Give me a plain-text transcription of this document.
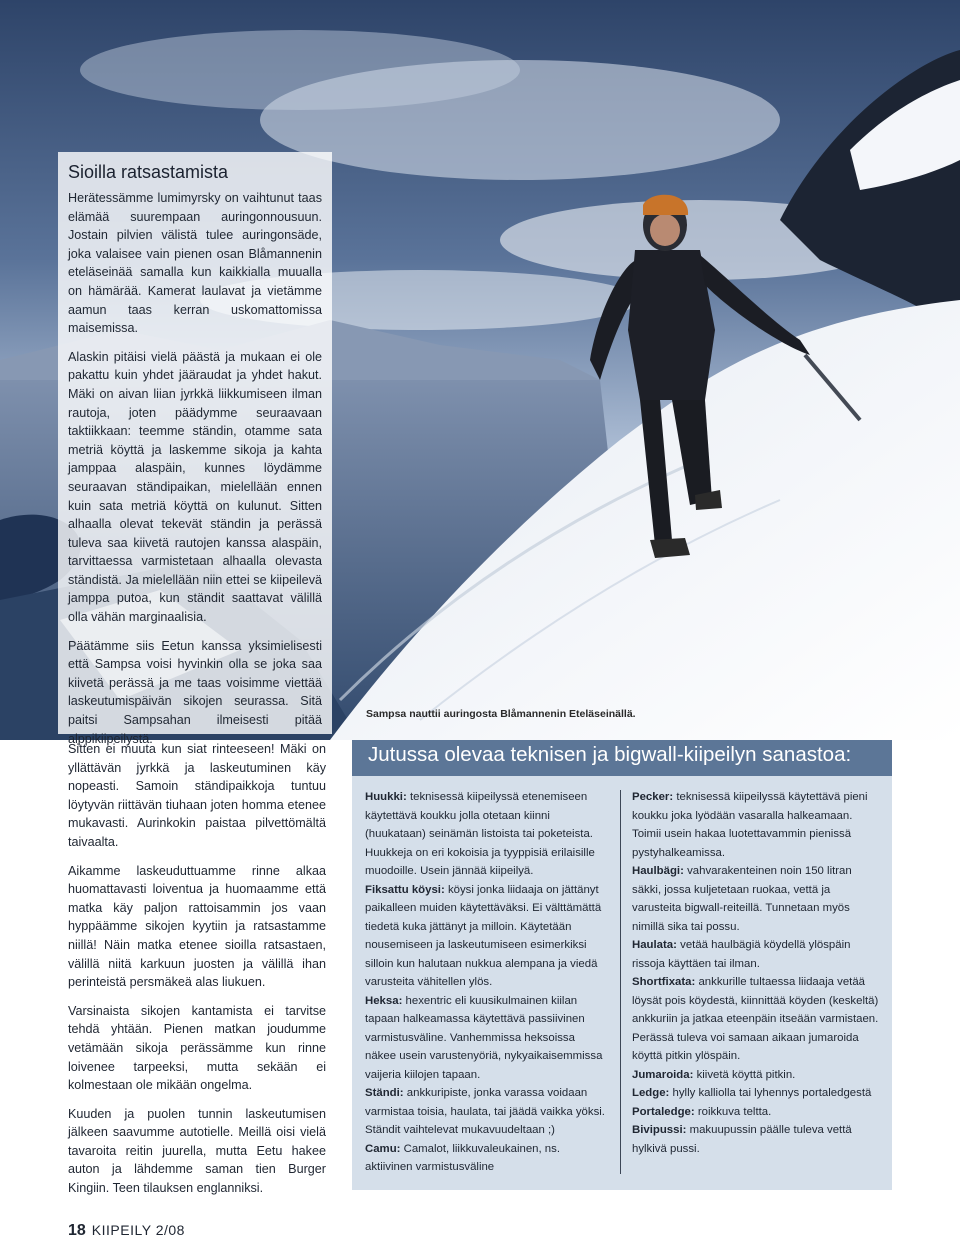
Sioilla ratsastamista

Herätessämme lumimyrsky on vaihtunut taas elämää suurempaan auringonnousuun. Jostain pilvien välistä tulee auringonsäde, joka valaisee vain pienen osan Blåmannenin eteläseinää samalla kun kaikkialla muualla on hämärää. Kamerat laulavat ja vietämme aamun taas kerran uskomattomissa maisemissa.

Alaskin pitäisi vielä päästä ja mukaan ei ole pakattu kuin yhdet jääraudat ja yhdet hakut. Mäki on aivan liian jyrkkä liikkumiseen ilman rautoja, joten päädymme seuraavaan taktiikkaan: teemme ständin, otamme sata metriä köyttä ja laskemme sikoja ja kahta jamppaa alaspäin, kunnes löydämme seuraavan ständipaikan, mielellään ennen kuin sata metriä köyttä on kulunut. Sitten alhaalla olevat tekevät ständin ja perässä tuleva saa kiivetä rautojen kanssa alaspäin, tarvittaessa varmistetaan alhaalla olevasta ständistä. Ja mielellään niin ettei se kiipeilevä jamppa putoa, kun ständit saattavat välillä olla vähän marginaalisia.

Päätämme siis Eetun kanssa yksimielisesti että Sampsa voisi hyvinkin olla se joka saa kiivetä perässä ja me taas voisimme viettää laskeutumispäivän sikojen seurassa. Sitä paitsi Sampsahan ilmeisesti pitää alppikiipeilystä.

Sitten ei muuta kun siat rinteeseen! Mäki on yllättävän jyrkkä ja laskeutuminen käy nopeasti. Samoin ständipaikkoja tuntuu löytyvän riittävän tiuhaan joten homma etenee mukavasti. Aurinkokin paistaa pilvettömältä taivaalta.

Aikamme laskeuduttuamme rinne alkaa huomattavasti loiventua ja huomaamme että matka käy paljon rattoisammin jos vaan hyppäämme sikojen kyytiin ja ratsastamme niillä! Näin matka etenee sioilla ratsastaen, välillä niitä karkuun juosten ja välillä ihan perinteistä persmäkeä alas liukuen.

Varsinaista sikojen kantamista ei tarvitse tehdä yhtään. Pienen matkan joudumme vetämään sikoja perässämme kun rinne loivenee tarpeeksi, mutta sekään ei kolmestaan ole mikään ongelma.

Kuuden ja puolen tunnin laskeutumisen jälkeen saavumme autotielle. Meillä oisi vielä tavaroita reitin juurella, mutta Eetu hakee auton ja lähdemme saman tien Burger Kingiin. Teen tilauksen englanniksi.

Sampsa nauttii auringosta Blåmannenin Eteläseinällä.
Jutussa olevaa teknisen ja bigwall-kiipeilyn sanastoa:

Huukki: teknisessä kiipeilyssä etenemiseen käytettävä koukku jolla otetaan kiinni (huukataan) seinämän listoista tai poketeista. Huukkeja on eri kokoisia ja tyyppisiä erilaisille muodoille. Usein jännää kiipeilyä.

Fiksattu köysi: köysi jonka liidaaja on jättänyt paikalleen muiden käytettäväksi. Ei välttämättä tiedetä kuka jättänyt ja milloin. Käytetään nousemiseen ja laskeutumiseen esimerkiksi silloin kun halutaan nukkua alempana ja viedä varusteita vähitellen ylös.

Heksa: hexentric eli kuusikulmainen kiilan tapaan halkeamassa käytettävä passiivinen varmistusväline. Vanhemmissa heksoissa näkee usein varustenyöriä, nykyaikaisemmissa vaijeria kiilojen tapaan.

Ständi: ankkuripiste, jonka varassa voidaan varmistaa toisia, haulata, tai jäädä vaikka yöksi. Ständit vaihtelevat mukavuudeltaan ;)

Camu: Camalot, liikkuvaleukainen, ns. aktiivinen varmistusväline

Pecker: teknisessä kiipeilyssä käytettävä pieni koukku joka lyödään vasaralla halkeamaan. Toimii usein hakaa luotettavammin pienissä pystyhalkeamissa.

Haulbägi: vahvarakenteinen noin 150 litran säkki, jossa kuljetetaan ruokaa, vettä ja varusteita bigwall-reiteillä. Tunnetaan myös nimillä sika tai possu.

Haulata: vetää haulbägiä köydellä ylöspäin rissoja käyttäen tai ilman.

Shortfixata: ankkurille tultaessa liidaaja vetää löysät pois köydestä, kiinnittää köyden (keskeltä) ankkuriin ja jatkaa eteenpäin itseään varmistaen. Perässä tuleva voi samaan aikaan jumaroida köyttä pitkin ylöspäin.

Jumaroida: kiivetä köyttä pitkin.

Ledge: hylly kalliolla tai lyhennys portaledgestä

Portaledge: roikkuva teltta.

Bivipussi: makuupussin päälle tuleva vettä hylkivä pussi.

18 KIIPEILY 2/08
